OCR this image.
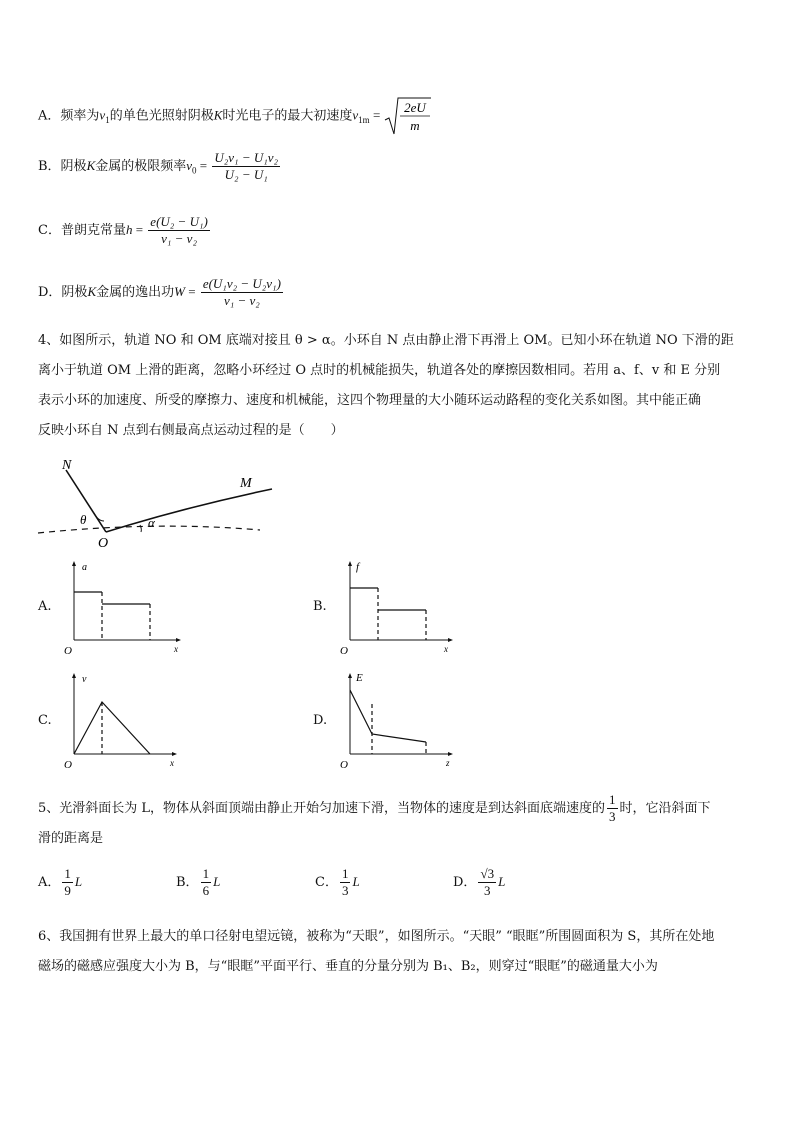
A．频率为$v_1$的单色光照射阴极K时光电子的最大初速度$v_{1m} = 2eU$
m
B．阴极K金属的极限频率$v_0 = \frac{\text{U₂v₁ − U₁v₂}}{\text{U₂ − U₁}}$
C．普朗克常量$h = \frac{\text{e(U₂ − U₁)}}{\text{v₁ − v₂}}$
D．阴极K金属的逸出功$W = \frac{\text{e(U₁v₂ − U₂v₁)}}{\text{v₁ − v₂}}$
4、如图所示，轨道 NO 和 OM 底端对接且 θ > α。小环自 N 点由静止滑下再滑上 OM。已知小环在轨道 NO 下滑的距
离小于轨道 OM 上滑的距离，忽略小环经过 O 点时的机械能损失，轨道各处的摩擦因数相同。若用 a、f、v 和 E 分别
表示小环的加速度、所受的摩擦力、速度和机械能，这四个物理量的大小随环运动路程的变化关系如图。其中能正确
反映小环自 N 点到右侧最高点运动过程的是（　　）
N
M
O
θ	α
A.
a
x
O
B.
f
x
O
C.
v
x
O
D.
E
z
O
5、光滑斜面长为 L，物体从斜面顶端由静止开始匀加速下滑，当物体的速度是到达斜面底端速度的 $\frac{1}{3}$ 时，它沿斜面下
滑的距离是
A． $\frac{1}{9}$ L	B． $\frac{1}{6}$ L	C． $\frac{1}{3}$ L	D． $\frac{√3}{3}$ L
6、我国拥有世界上最大的单口径射电望远镜，被称为“天眼”，如图所示。“天眼” “眼眶”所围圆面积为 S，其所在处地
磁场的磁感应强度大小为 B，与“眼眶”平面平行、垂直的分量分别为 B₁、B₂，则穿过“眼眶”的磁通量大小为
